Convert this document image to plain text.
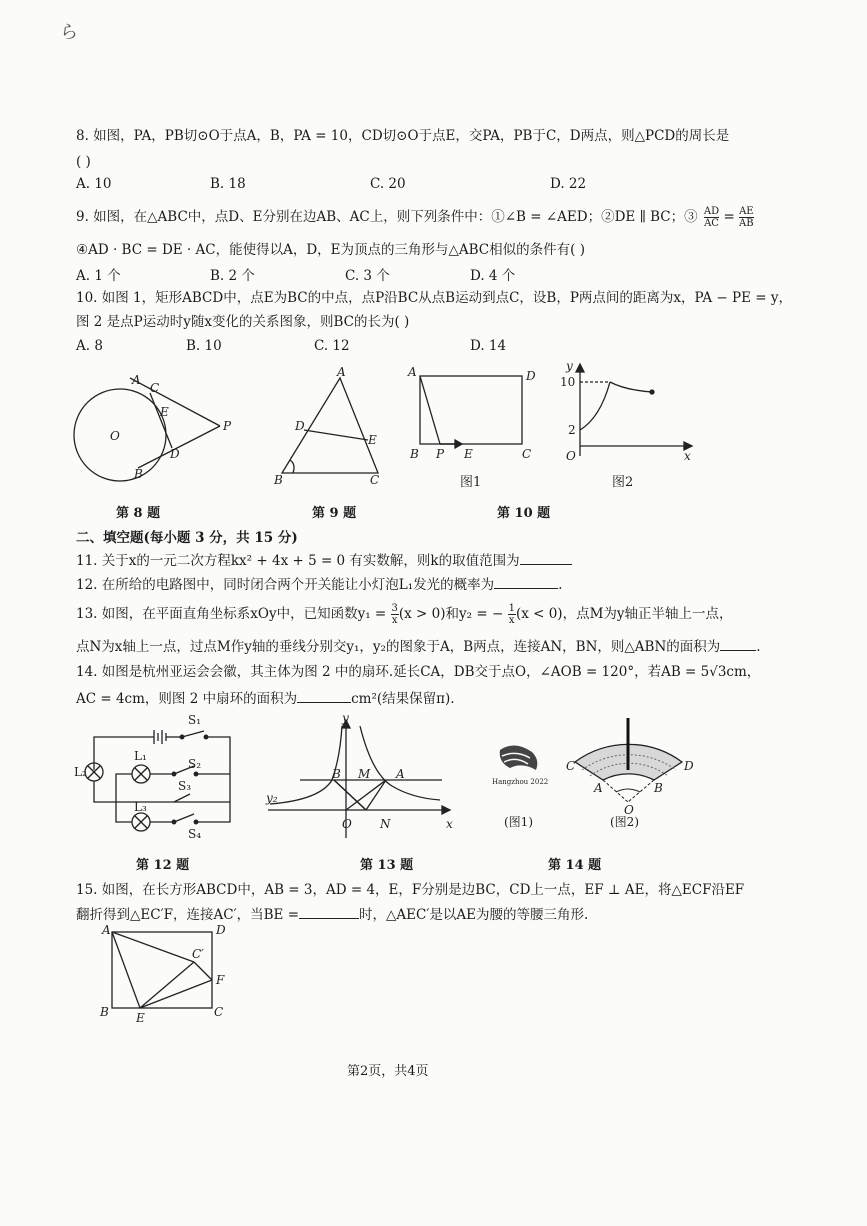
ら
8. 如图，PA，PB切⊙O于点A，B，PA = 10，CD切⊙O于点E，交PA，PB于C，D两点，则△PCD的周长是
( )
A. 10	B. 18	C. 20	D. 22
9. 如图，在△ABC中，点D、E分别在边AB、AC上，则下列条件中：①∠B = ∠AED；②DE ∥ BC；③ $\frac{AD}{AC} = \frac{AE}{AB}$
④AD · BC = DE · AC，能使得以A，D，E为顶点的三角形与△ABC相似的条件有( )
A. 1 个	B. 2 个	C. 3 个	D. 4 个
10. 如图 1，矩形ABCD中，点E为BC的中点，点P沿BC从点B运动到点C，设B，P两点间的距离为x，PA − PE = y，
图 2 是点P运动时y随x变化的关系图象，则BC的长为( )
A. 8	B. 10	C. 12	D. 14
A
C
E
O
D
P
B
A
D
E
B	C
A	D
B P E	C
y
10
2
O	x
图1	图2
第 8 题	第 9 题	第 10 题
二、填空题(每小题 3 分，共 15 分)
11. 关于x的一元二次方程kx² + 4x + 5 = 0 有实数解，则k的取值范围为
12. 在所给的电路图中，同时闭合两个开关能让小灯泡L₁发光的概率为	.
13. 如图，在平面直角坐标系xOy中，已知函数$y_1 = \frac{3}{x} (x > 0)$和y₂ = − $\frac{1}{x} (x < 0)$，点M为y轴正半轴上一点，
点N为x轴上一点，过点M作y轴的垂线分别交y₁，y₂的图象于A，B两点，连接AN，BN，则△ABN的面积为	.
14. 如图是杭州亚运会会徽，其主体为图 2 中的扇环.延长CA，DB交于点O，∠AOB = 120°，若AB = 5√3cm，
AC = 4cm，则图 2 中扇环的面积为	cm²(结果保留π).
S₁
L₁
S₂
L₂
S₃
L₃
S₄
y
B M A
y₂
O N	x
Hangzhou 2022
(图1)
C
A	B
D
O
(图2)
第 12 题	第 13 题	第 14 题
15. 如图，在长方形ABCD中，AB = 3，AD = 4，E，F分别是边BC，CD上一点，EF ⊥ AE，将△ECF沿EF
翻折得到△EC′F，连接AC′，当BE =	时，△AEC′是以AE为腰的等腰三角形.
A	D
C′
F
B E	C
第2页，共4页
